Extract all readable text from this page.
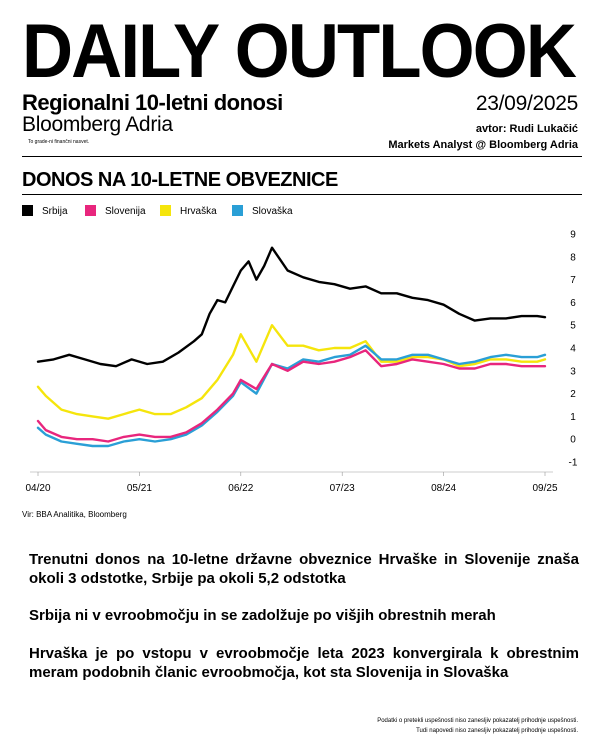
DAILY OUTLOOK
Regionalni 10-letni donosi
Bloomberg Adria
To grade-ni finančni nasvet.
23/09/2025
avtor: Rudi Lukačić
Markets Analyst @ Bloomberg Adria
DONOS NA 10-LETNE OBVEZNICE
Srbija	Slovenija	Hrvaška	Slovaška
9
8
7
6
5
4
3
2
1
0
-1
04/20	05/21	06/22	07/23	08/24	09/25
Vir: BBA Analitika, Bloomberg
Trenutni donos na 10-letne državne obveznice Hrvaške in Slovenije znaša okoli 3 odstotke, Srbije pa okoli 5,2 odstotka
Srbija ni v evroobmočju in se zadolžuje po višjih obrestnih merah
Hrvaška je po vstopu v evroobmočje leta 2023 konvergirala k obrestnim meram podobnih članic evroobmočja, kot sta Slovenija in Slovaška
Podatki o pretekli uspešnosti niso zanesljiv pokazatelj prihodnje uspešnosti.
Tudi napovedi niso zanesljiv pokazatelj prihodnje uspešnosti.
